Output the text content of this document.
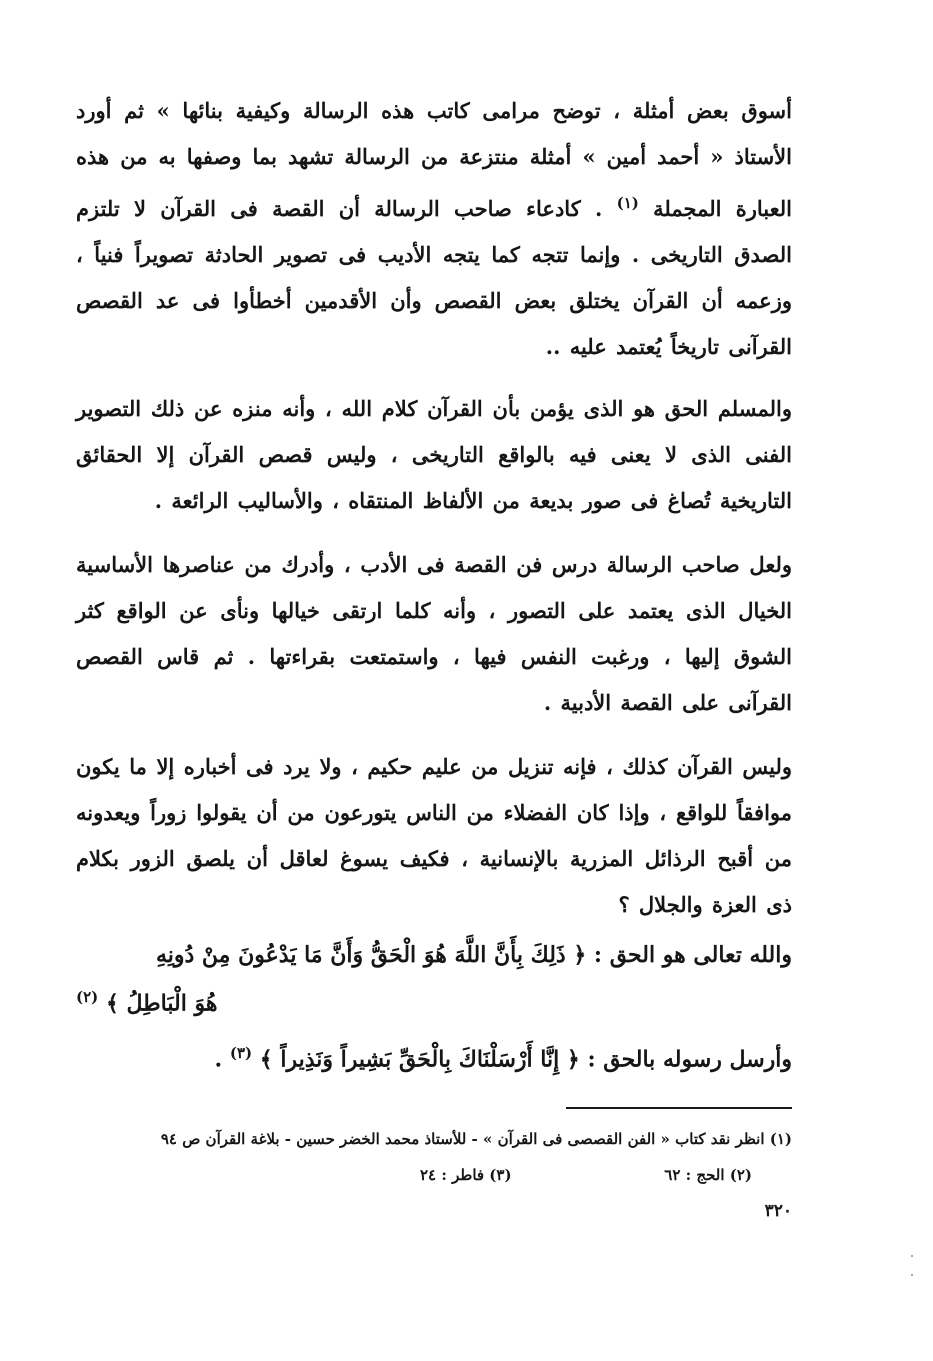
أسوق بعض أمثلة ، توضح مرامى كاتب هذه الرسالة وكيفية بنائها » ثم أورد الأستاذ « أحمد أمين » أمثلة منتزعة من الرسالة تشهد بما وصفها به من هذه العبارة المجملة $^{(١)}$ . كادعاء صاحب الرسالة أن القصة فى القرآن لا تلتزم الصدق التاريخى . وإنما تتجه كما يتجه الأديب فى تصوير الحادثة تصويراً فنياً ، وزعمه أن القرآن يختلق بعض القصص وأن الأقدمين أخطأوا فى عد القصص القرآنى تاريخاً يُعتمد عليه ..

والمسلم الحق هو الذى يؤمن بأن القرآن كلام الله ، وأنه منزه عن ذلك التصوير الفنى الذى لا يعنى فيه بالواقع التاريخى ، وليس قصص القرآن إلا الحقائق التاريخية تُصاغ فى صور بديعة من الألفاظ المنتقاه ، والأساليب الرائعة .

ولعل صاحب الرسالة درس فن القصة فى الأدب ، وأدرك من عناصرها الأساسية الخيال الذى يعتمد على التصور ، وأنه كلما ارتقى خيالها ونأى عن الواقع كثر الشوق إليها ، ورغبت النفس فيها ، واستمتعت بقراءتها . ثم قاس القصص القرآنى على القصة الأدبية .

وليس القرآن كذلك ، فإنه تنزيل من عليم حكيم ، ولا يرد فى أخباره إلا ما يكون موافقاً للواقع ، وإذا كان الفضلاء من الناس يتورعون من أن يقولوا زوراً ويعدونه من أقبح الرذائل المزرية بالإنسانية ، فكيف يسوغ لعاقل أن يلصق الزور بكلام ذى العزة والجلال ؟

والله تعالى هو الحق : ﴿ ذَلِكَ بِأَنَّ اللَّهَ هُوَ الْحَقُّ وَأَنَّ مَا يَدْعُونَ مِنْ دُونِهِ

هُوَ الْبَاطِلُ ﴾ $^{(٢)}$

وأرسل رسوله بالحق : ﴿ إِنَّا أَرْسَلْنَاكَ بِالْحَقِّ بَشِيراً وَنَذِيراً ﴾ $^{(٣)}$ .

(١) انظر نقد كتاب « الفن القصصى فى القرآن » - للأستاذ محمد الخضر حسين - بلاغة القرآن ص ٩٤

(٢) الحج : ٦٢
(٣) فاطر : ٢٤
٣٢٠
